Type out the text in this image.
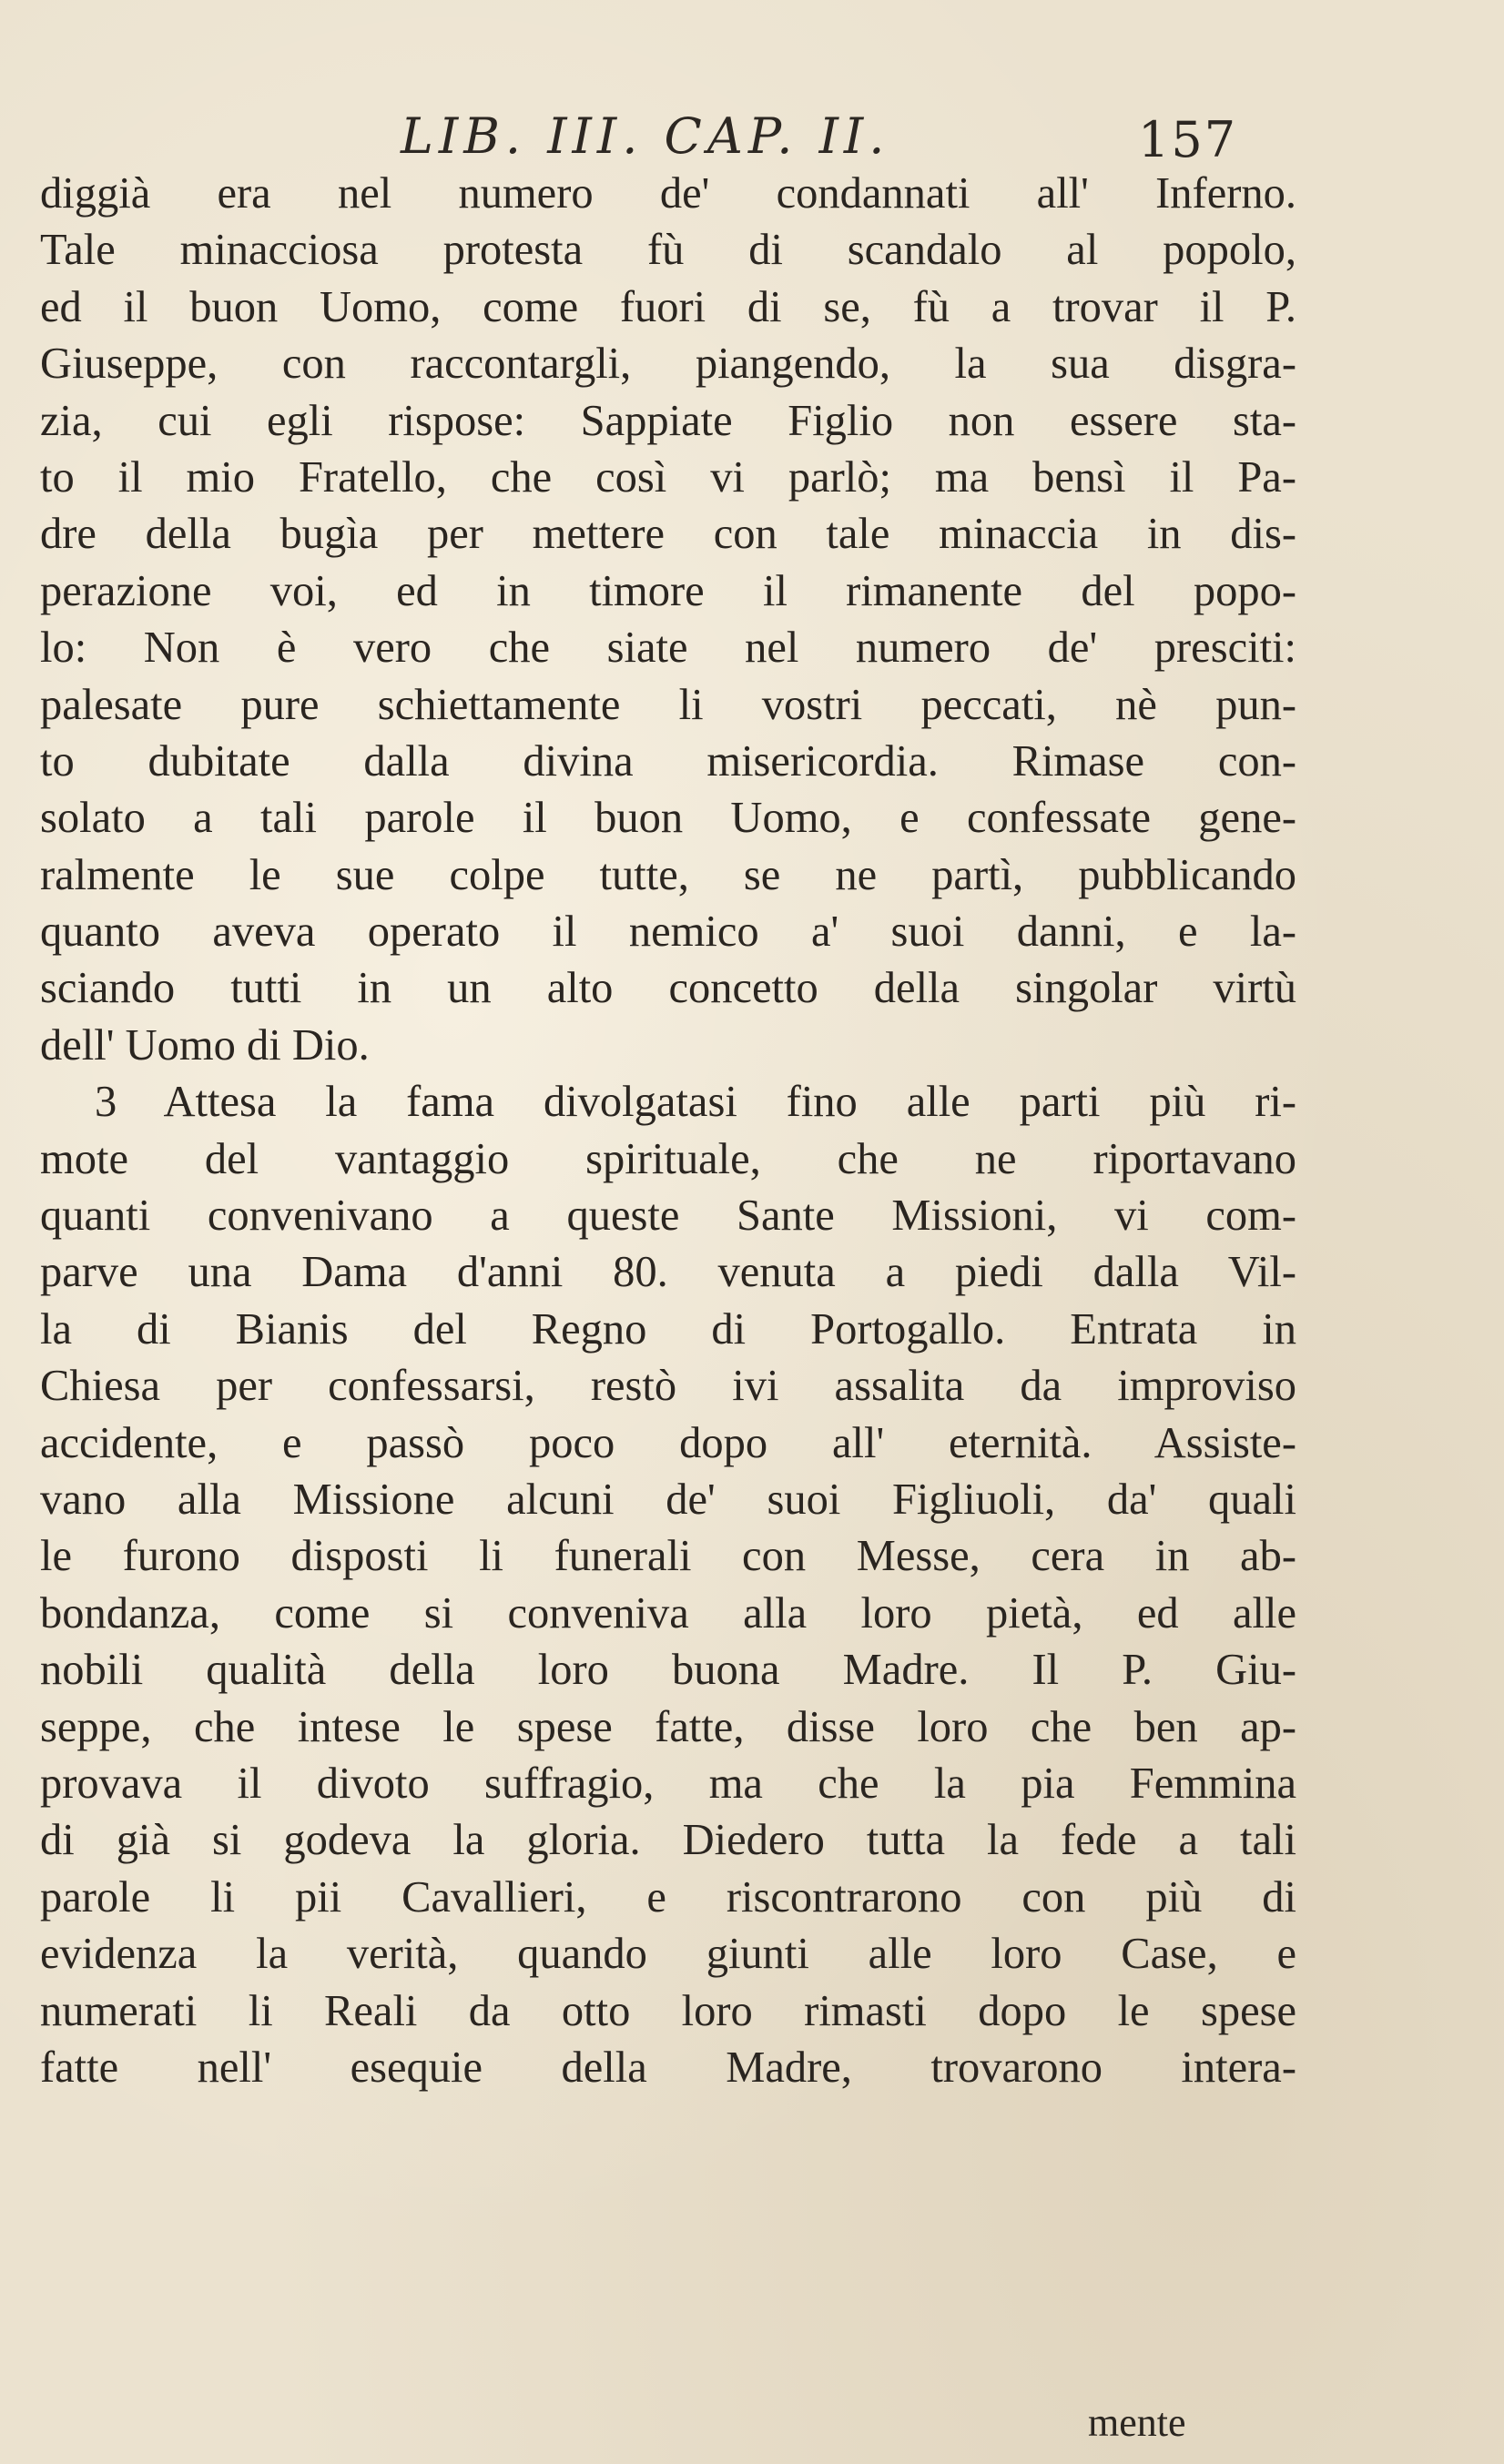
LIB. III. CAP. II.	157
diggià era nel numero de' condannati all' Inferno.
Tale minacciosa protesta fù di scandalo al popolo,
ed il buon Uomo, come fuori di se, fù a trovar il P.
Giuseppe, con raccontargli, piangendo, la sua disgra-
zia, cui egli rispose: Sappiate Figlio non essere sta-
to il mio Fratello, che così vi parlò; ma bensì il Pa-
dre della bugìa per mettere con tale minaccia in dis-
perazione voi, ed in timore il rimanente del popo-
lo: Non è vero che siate nel numero de' presciti:
palesate pure schiettamente li vostri peccati, nè pun-
to dubitate dalla divina misericordia. Rimase con-
solato a tali parole il buon Uomo, e confessate gene-
ralmente le sue colpe tutte, se ne partì, pubblicando
quanto aveva operato il nemico a' suoi danni, e la-
sciando tutti in un alto concetto della singolar virtù
dell' Uomo di Dio.
3 Attesa la fama divolgatasi fino alle parti più ri-
mote del vantaggio spirituale, che ne riportavano
quanti convenivano a queste Sante Missioni, vi com-
parve una Dama d'anni 80. venuta a piedi dalla Vil-
la di Bianis del Regno di Portogallo. Entrata in
Chiesa per confessarsi, restò ivi assalita da improviso
accidente, e passò poco dopo all' eternità. Assiste-
vano alla Missione alcuni de' suoi Figliuoli, da' quali
le furono disposti li funerali con Messe, cera in ab-
bondanza, come si conveniva alla loro pietà, ed alle
nobili qualità della loro buona Madre. Il P. Giu-
seppe, che intese le spese fatte, disse loro che ben ap-
provava il divoto suffragio, ma che la pia Femmina
di già si godeva la gloria. Diedero tutta la fede a tali
parole li pii Cavallieri, e riscontrarono con più di
evidenza la verità, quando giunti alle loro Case, e
numerati li Reali da otto loro rimasti dopo le spese
fatte nell' esequie della Madre, trovarono intera-
mente
